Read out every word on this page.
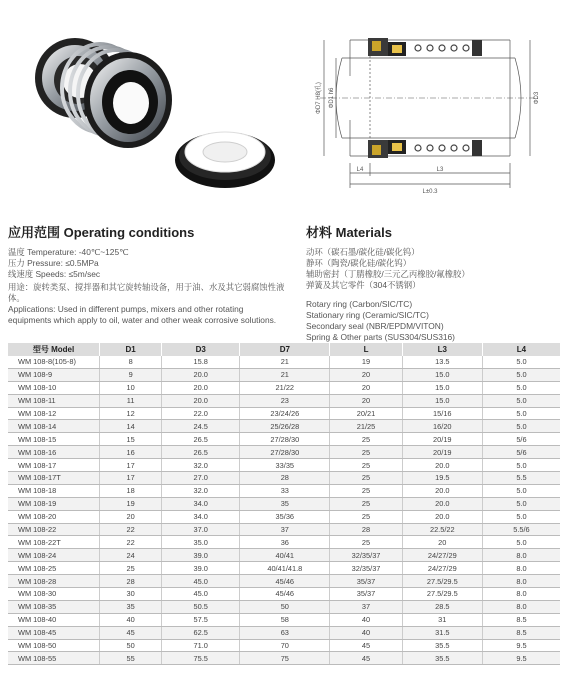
ΦD7 H8(孔) ΦD1 h6	ΦD3
L4	L3
L±0.3
应用范围 Operating conditions
温度 Temperature: -40℃~125℃
压力 Pressure: ≤0.5MPa
线速度 Speeds: ≤5m/sec
用途：旋转类泵、搅拌器和其它旋转轴设备，用于油、水及其它弱腐蚀性液体。
Applications: Used in different pumps, mixers and other rotating equipments which apply to oil, water and other weak corrosive solutions.
材料 Materials
动环（碳石墨/碳化硅/碳化钨）
静环（陶瓷/碳化硅/碳化钨）
辅助密封（丁腈橡胶/三元乙丙橡胶/氟橡胶）
弹簧及其它零件（304不锈钢）
Rotary ring (Carbon/SIC/TC)
Stationary ring (Ceramic/SIC/TC)
Secondary seal (NBR/EPDM/VITON)
Spring & Other parts (SUS304/SUS316)
型号 Model	D1	D3	D7	L	L3	L4
WM 108-8(105-8)	8	15.8	21	19	13.5	5.0
WM 108-9	9	20.0	21	20	15.0	5.0
WM 108-10	10	20.0	21/22	20	15.0	5.0
WM 108-11	11	20.0	23	20	15.0	5.0
WM 108-12	12	22.0	23/24/26	20/21	15/16	5.0
WM 108-14	14	24.5	25/26/28	21/25	16/20	5.0
WM 108-15	15	26.5	27/28/30	25	20/19	5/6
WM 108-16	16	26.5	27/28/30	25	20/19	5/6
WM 108-17	17	32.0	33/35	25	20.0	5.0
WM 108-17T	17	27.0	28	25	19.5	5.5
WM 108-18	18	32.0	33	25	20.0	5.0
WM 108-19	19	34.0	35	25	20.0	5.0
WM 108-20	20	34.0	35/36	25	20.0	5.0
WM 108-22	22	37.0	37	28	22.5/22	5.5/6
WM 108-22T	22	35.0	36	25	20	5.0
WM 108-24	24	39.0	40/41	32/35/37	24/27/29	8.0
WM 108-25	25	39.0	40/41/41.8	32/35/37	24/27/29	8.0
WM 108-28	28	45.0	45/46	35/37	27.5/29.5	8.0
WM 108-30	30	45.0	45/46	35/37	27.5/29.5	8.0
WM 108-35	35	50.5	50	37	28.5	8.0
WM 108-40	40	57.5	58	40	31	8.5
WM 108-45	45	62.5	63	40	31.5	8.5
WM 108-50	50	71.0	70	45	35.5	9.5
WM 108-55	55	75.5	75	45	35.5	9.5
